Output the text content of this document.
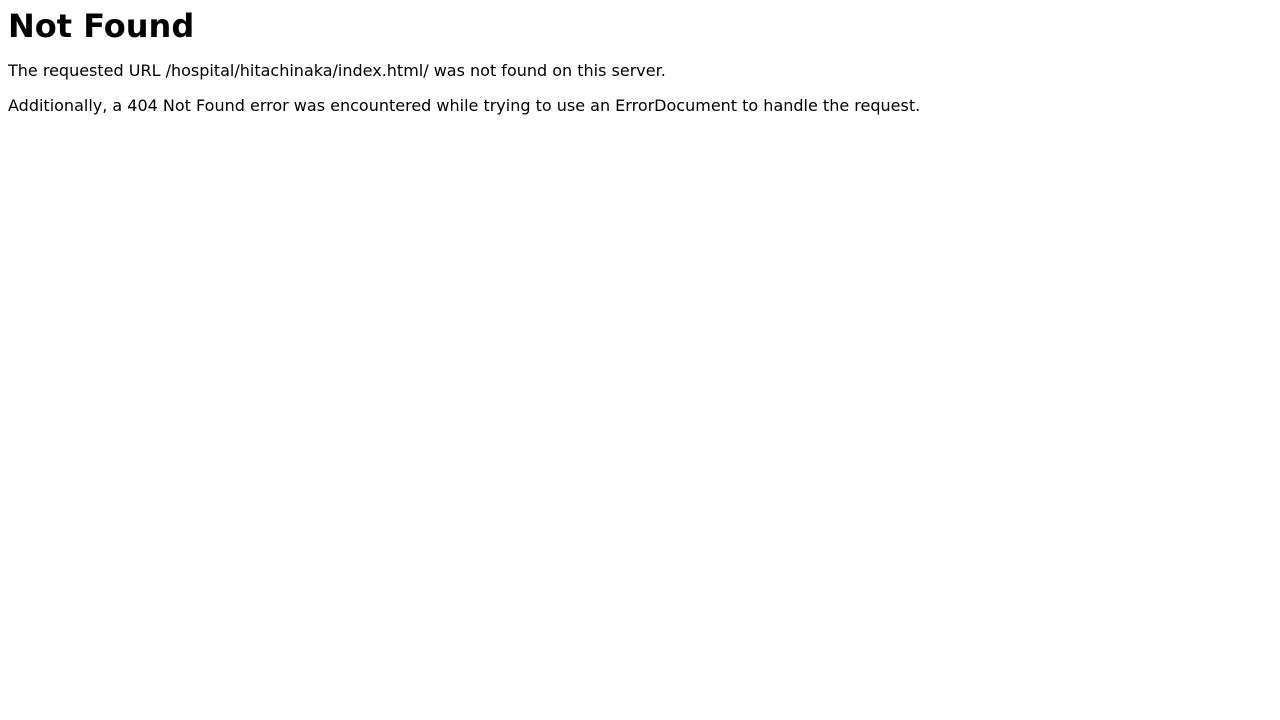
Not Found

The requested URL /hospital/hitachinaka/index.html/ was not found on this server.

Additionally, a 404 Not Found error was encountered while trying to use an ErrorDocument to handle the request.
